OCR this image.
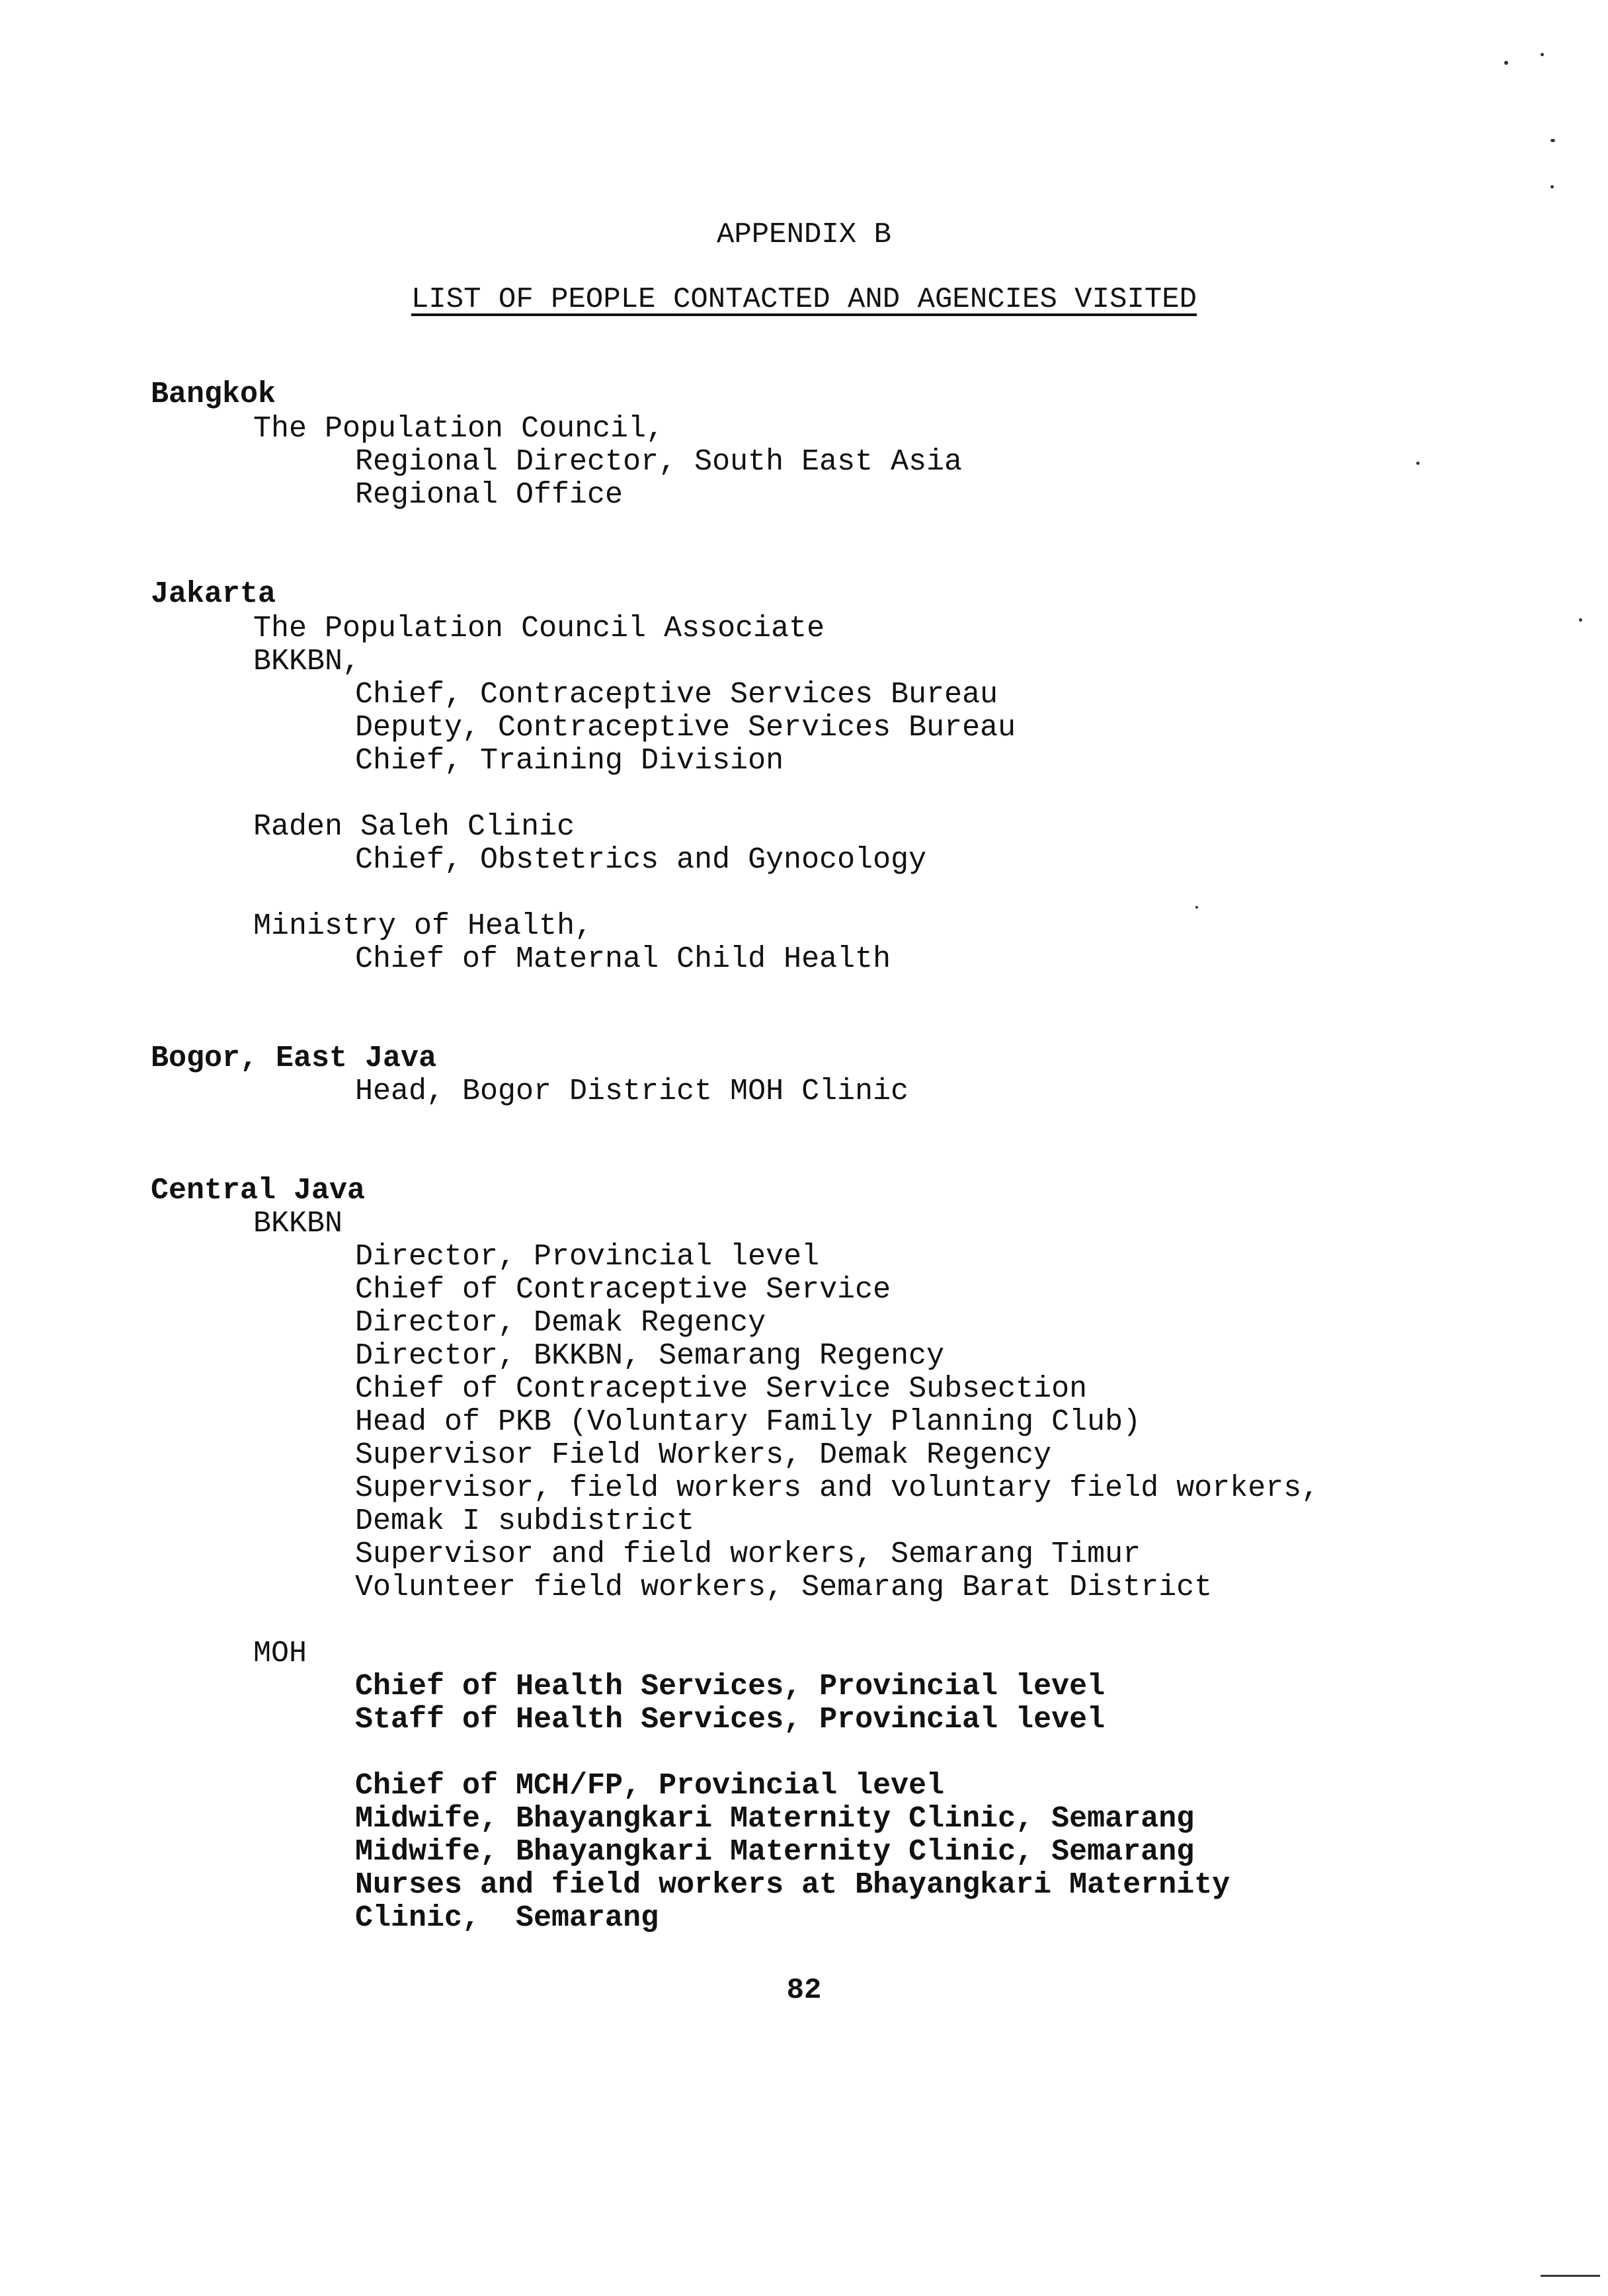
APPENDIX B
LIST OF PEOPLE CONTACTED AND AGENCIES VISITED
Bangkok
The Population Council,
Regional Director, South East Asia
Regional Office
Jakarta
The Population Council Associate
BKKBN,
Chief, Contraceptive Services Bureau
Deputy, Contraceptive Services Bureau
Chief, Training Division
Raden Saleh Clinic
Chief, Obstetrics and Gynocology
Ministry of Health,
Chief of Maternal Child Health
Bogor, East Java
Head, Bogor District MOH Clinic
Central Java
BKKBN
Director, Provincial level
Chief of Contraceptive Service
Director, Demak Regency
Director, BKKBN, Semarang Regency
Chief of Contraceptive Service Subsection
Head of PKB (Voluntary Family Planning Club)
Supervisor Field Workers, Demak Regency
Supervisor, field workers and voluntary field workers,
Demak I subdistrict
Supervisor and field workers, Semarang Timur
Volunteer field workers, Semarang Barat District
MOH
Chief of Health Services, Provincial level
Staff of Health Services, Provincial level
Chief of MCH/FP, Provincial level
Midwife, Bhayangkari Maternity Clinic, Semarang
Midwife, Bhayangkari Maternity Clinic, Semarang
Nurses and field workers at Bhayangkari Maternity
Clinic,  Semarang
82
